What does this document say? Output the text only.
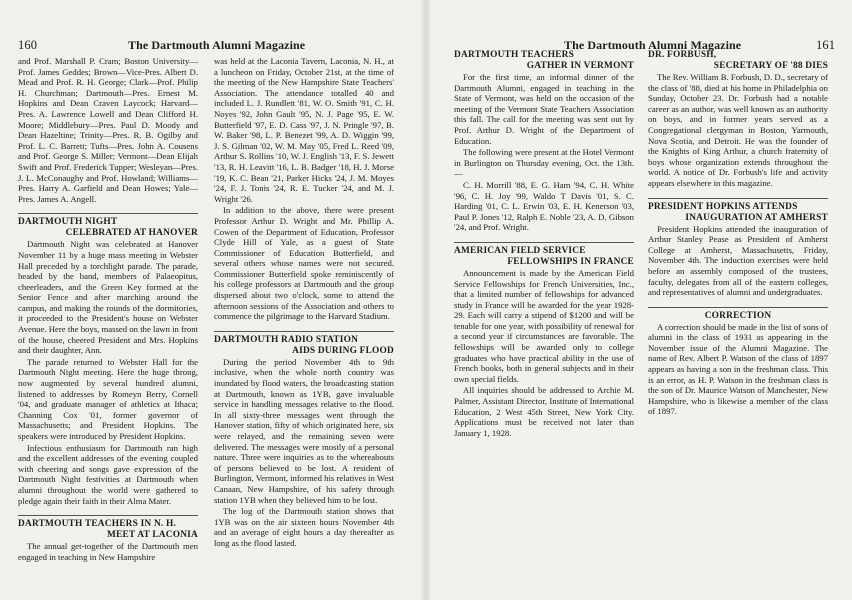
160	The Dartmouth Alumni Magazine

and Prof. Marshall P. Cram; Boston University—Prof. James Geddes; Brown—Vice-Pres. Albert D. Mead and Prof. R. H. George; Clark—Prof. Philip H. Churchman; Dartmouth—Pres. Ernest M. Hopkins and Dean Craven Laycock; Harvard—Pres. A. Lawrence Lowell and Dean Clifford H. Moore; Middlebury—Pres. Paul D. Moody and Dean Hazeltine; Trinity—Pres. R. B. Ogilby and Prof. L. C. Barrett; Tufts—Pres. John A. Cousens and Prof. George S. Miller; Vermont—Dean Elijah Swift and Prof. Frederick Tupper; Wesleyan—Pres. J. L. McConaughy and Prof. Howland; Williams—Pres. Harry A. Garfield and Dean Howes; Yale—Pres. James A. Angell.

DARTMOUTH NIGHT
CELEBRATED AT HANOVER

Dartmouth Night was celebrated at Hanover November 11 by a huge mass meeting in Webster Hall preceded by a torchlight parade. The parade, headed by the band, members of Palaeopitus, cheerleaders, and the Green Key formed at the Senior Fence and after marching around the campus, and making the rounds of the dormitories, it proceeded to the President's house on Webster Avenue. Here the boys, massed on the lawn in front of the house, cheered President and Mrs. Hopkins and their daughter, Ann.

The parade returned to Webster Hall for the Dartmouth Night meeting. Here the huge throng, now augmented by several hundred alumni, listened to addresses by Romeyn Berry, Cornell '04, and graduate manager of athletics at Ithaca; Channing Cox '01, former governor of Massachusetts; and President Hopkins. The speakers were introduced by President Hopkins.

Infectious enthusiasm for Dartmouth ran high and the excellent addresses of the evening coupled with cheering and songs gave expression of the Dartmouth Night festivities at Dartmouth when alumni throughout the world were gathered to pledge again their faith in their Alma Mater.

DARTMOUTH TEACHERS IN N. H.
MEET AT LACONIA

The annual get-together of the Dartmouth men engaged in teaching in New Hampshire

was held at the Laconia Tavern, Laconia, N. H., at a luncheon on Friday, October 21st, at the time of the meeting of the New Hampshire State Teachers' Association. The attendance totalled 40 and included L. J. Rundlett '81, W. O. Smith '91, C. H. Noyes '92, John Gault '95, N. J. Page '95, E. W. Butterfield '97, E. D. Cass '97, J. N. Pringle '97, B. W. Baker '98, L. P. Benezet '99, A. D. Wiggin '99, J. S. Gilman '02, W. M. May '05, Fred L. Reed '09, Arthur S. Rollins '10, W. J. English '13, F. S. Jewett '13, R. H. Leavitt '16, L. B. Badger '18, H. J. Morse '19, K. C. Bean '21, Parker Hicks '24, J. M. Moyes '24, F. J. Tonis '24, R. E. Tucker '24, and M. J. Wright '26.

In addition to the above, there were present Professor Arthur D. Wright and Mr. Phillip A. Cowen of the Department of Education, Professor Clyde Hill of Yale, as a guest of State Commissioner of Education Butterfield, and several others whose names were not secured. Commissioner Butterfield spoke reminiscently of his college professors at Dartmouth and the group dispersed about two o'clock, some to attend the afternoon sessions of the Association and others to commence the pilgrimage to the Harvard Stadium.

DARTMOUTH RADIO STATION
AIDS DURING FLOOD

During the period November 4th to 9th inclusive, when the whole north country was inundated by flood waters, the broadcasting station at Dartmouth, known as 1YB, gave invaluable service in handling messages relative to the flood. In all sixty-three messages went through the Hanover station, fifty of which originated here, six were relayed, and the remaining seven were delivered. The messages were mostly of a personal nature. Three were inquiries as to the whereabouts of persons believed to be lost. A resident of Burlington, Vermont, informed his relatives in West Canaan, New Hampshire, of his safety through station 1YB when they believed him to be lost.

The log of the Dartmouth station shows that 1YB was on the air sixteen hours November 4th and an average of eight hours a day thereafter as long as the flood lasted.

The Dartmouth Alumni Magazine	161
DARTMOUTH TEACHERS
GATHER IN VERMONT

For the first time, an informal dinner of the Dartmouth Alumni, engaged in teaching in the State of Vermont, was held on the occasion of the meeting of the Vermont State Teachers Association this fall. The call for the meeting was sent out by Prof. Arthur D. Wright of the Department of Education.

The following were present at the Hotel Vermont in Burlington on Thursday evening, Oct. the 13th.—

C. H. Morrill '88, E. G. Ham '94, C. H. White '96, C. H. Joy '99, Waldo T Davis '01, S. C. Harding '01, C. L. Erwin '03, E. H. Kenerson '03, Paul P. Jones '12, Ralph E. Noble '23, A. D. Gibson '24, and Prof. Wright.

AMERICAN FIELD SERVICE
FELLOWSHIPS IN FRANCE

Announcement is made by the American Field Service Fellowships for French Universities, Inc., that a limited number of fellowships for advanced study in France will be awarded for the year 1928-29. Each will carry a stipend of $1200 and will be tenable for one year, with possibility of renewal for a second year if circumstances are favorable. The fellowships will be awarded only to college graduates who have practical ability in the use of French books, both in general subjects and in their own special fields.

All inquiries should be addressed to Archie M. Palmer, Assistant Director, Institute of International Education, 2 West 45th Street, New York City. Applications must be received not later than January 1, 1928.

DR. FORBUSH,
SECRETARY OF '88 DIES

The Rev. William B. Forbush, D. D., secretary of the class of '88, died at his home in Philadelphia on Sunday, October 23. Dr. Forbush had a notable career as an author, was well known as an authority on boys, and in former years served as a Congregational clergyman in Boston, Yarmouth, Nova Scotia, and Detroit. He was the founder of the Knights of King Arthur, a church fraternity of boys whose organization extends throughout the world. A notice of Dr. Forbush's life and activity appears elsewhere in this magazine.

PRESIDENT HOPKINS ATTENDS
INAUGURATION AT AMHERST

President Hopkins attended the inauguration of Arthur Stanley Pease as President of Amherst College at Amherst, Massachusetts, Friday, November 4th. The induction exercises were held before an assembly composed of the trustees, faculty, delegates from all of the eastern colleges, and representatives of alumni and undergraduates.

CORRECTION

A correction should be made in the list of sons of alumni in the class of 1931 as appearing in the November issue of the Alumni Magazine. The name of Rev. Albert P. Watson of the class of 1897 appears as having a son in the freshman class. This is an error, as H. P. Watson in the freshman class is the son of Dr. Maurice Watson of Manchester, New Hampshire, who is likewise a member of the class of 1897.
